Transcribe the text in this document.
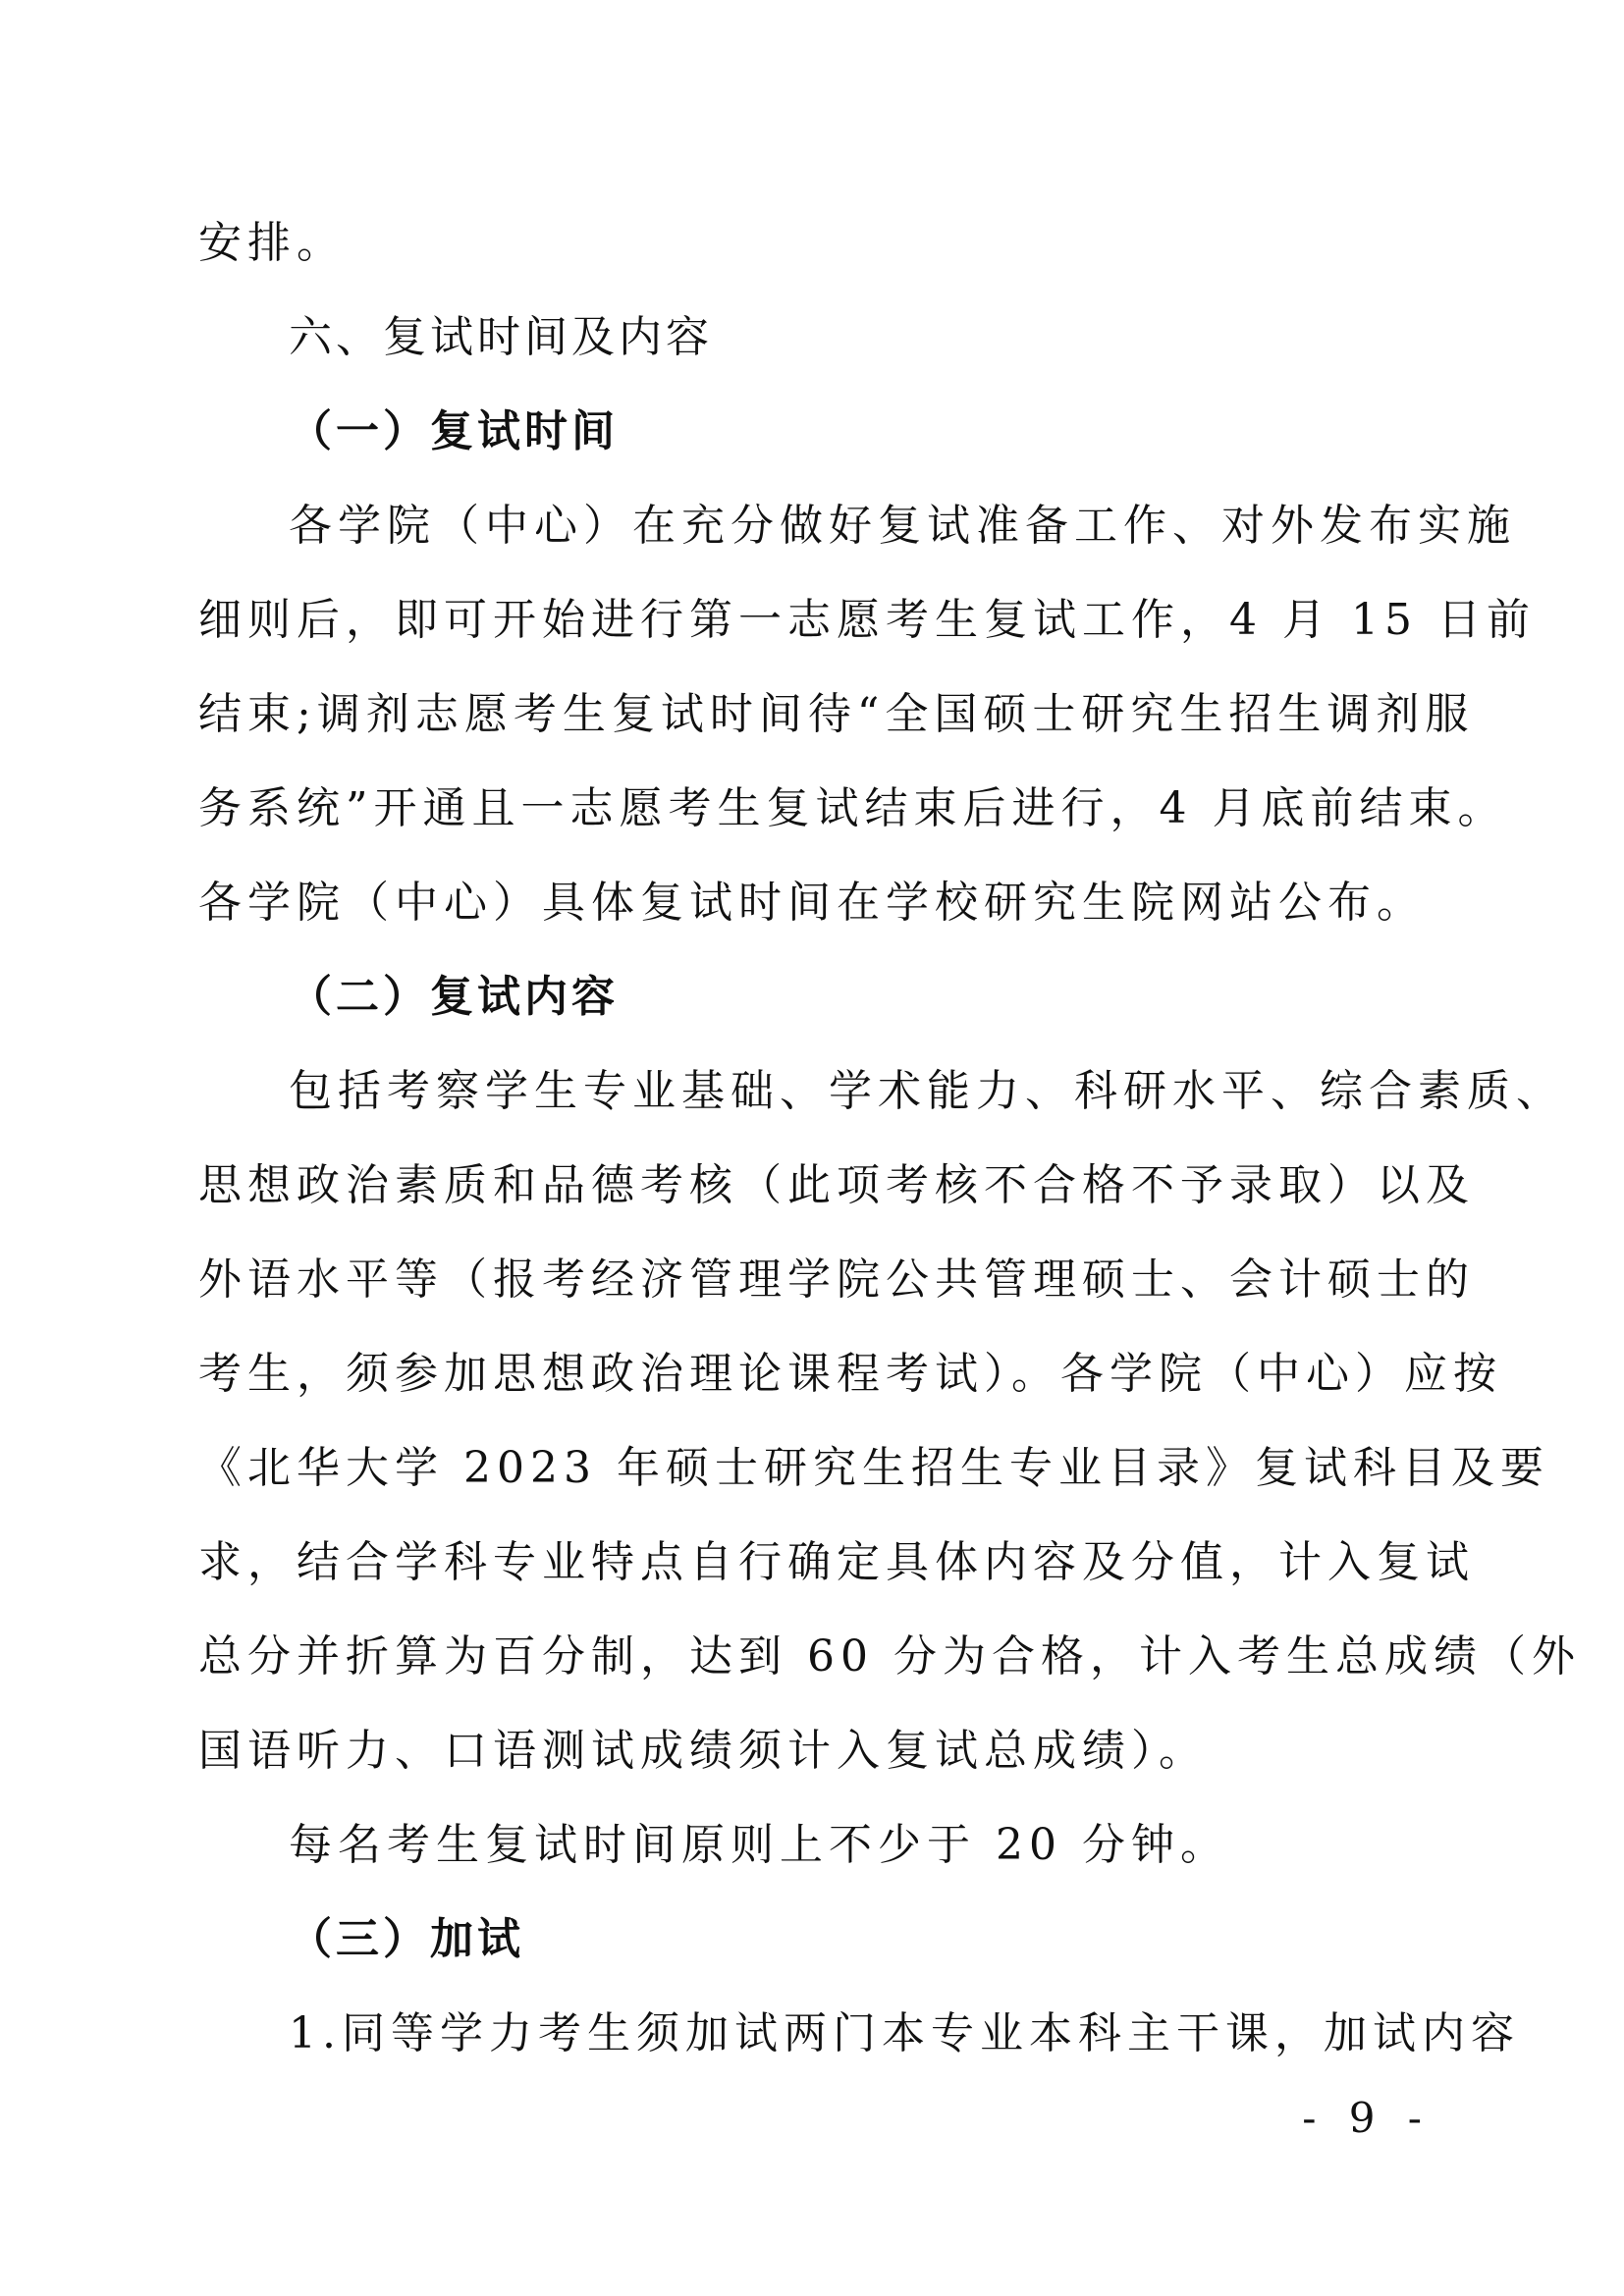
安排。
六、复试时间及内容
（一）复试时间
各学院（中心）在充分做好复试准备工作、对外发布实施
细则后，即可开始进行第一志愿考生复试工作，4 月 15 日前
结束;调剂志愿考生复试时间待“全国硕士研究生招生调剂服
务系统”开通且一志愿考生复试结束后进行，4 月底前结束。
各学院（中心）具体复试时间在学校研究生院网站公布。
（二）复试内容
包括考察学生专业基础、学术能力、科研水平、综合素质、
思想政治素质和品德考核（此项考核不合格不予录取）以及
外语水平等（报考经济管理学院公共管理硕士、会计硕士的
考生，须参加思想政治理论课程考试）。各学院（中心）应按
《北华大学 2023 年硕士研究生招生专业目录》复试科目及要
求，结合学科专业特点自行确定具体内容及分值，计入复试
总分并折算为百分制，达到 60 分为合格，计入考生总成绩（外
国语听力、口语测试成绩须计入复试总成绩）。
每名考生复试时间原则上不少于 20 分钟。
（三）加试
1.同等学力考生须加试两门本专业本科主干课，加试内容
- 9 -
